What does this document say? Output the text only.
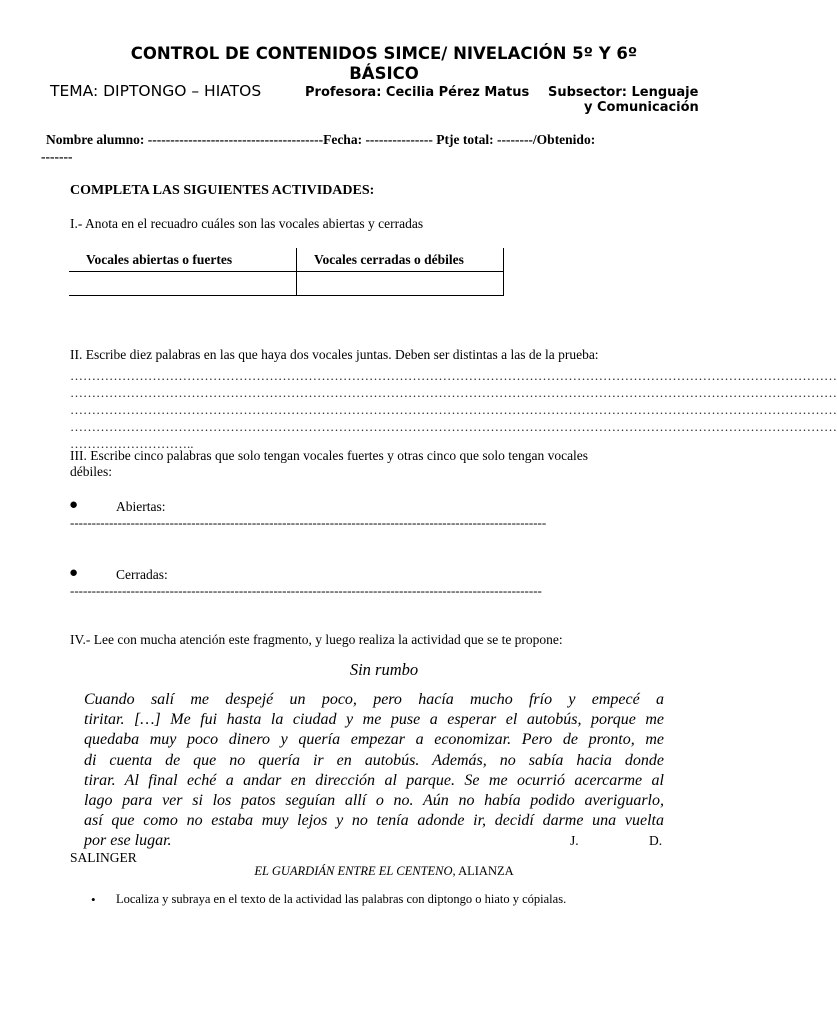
CONTROL DE CONTENIDOS SIMCE/ NIVELACIÓN 5º Y 6º
BÁSICO
TEMA: DIPTONGO – HIATOS	Profesora: Cecilia Pérez Matus Subsector: Lenguaje
y Comunicación
Nombre alumno: ---------------------------------------Fecha: --------------- Ptje total: --------/Obtenido:
-------
COMPLETA LAS SIGUIENTES ACTIVIDADES:
I.- Anota en el recuadro cuáles son las vocales abiertas y cerradas
Vocales abiertas o fuertes	Vocales cerradas o débiles

II. Escribe diez palabras en las que haya dos vocales juntas. Deben ser distintas a las de la prueba:
……………………………………………………………………………………………………………………………………………………………
……………………………………………………………………………………………………………………………………………………………
……………………………………………………………………………………………………………………………………………………………
……………………………………………………………………………………………………………………………………………………………
………………………..
III. Escribe cinco palabras que solo tengan vocales fuertes y otras cinco que solo tengan vocales
débiles:
●	Abiertas:
--------------------------------------------------------------------------------------------------------------
●	Cerradas:
-------------------------------------------------------------------------------------------------------------
IV.- Lee con mucha atención este fragmento, y luego realiza la actividad que se te propone:
Sin rumbo
Cuando salí me despejé un poco, pero hacía mucho frío y empecé a
tiritar. […] Me fui hasta la ciudad y me puse a esperar el autobús, porque me
quedaba muy poco dinero y quería empezar a economizar. Pero de pronto, me
di cuenta de que no quería ir en autobús. Además, no sabía hacia donde
tirar. Al final eché a andar en dirección al parque. Se me ocurrió acercarme al
lago para ver si los patos seguían allí o no. Aún no había podido averiguarlo,
así que como no estaba muy lejos y no tenía adonde ir, decidí darme una vuelta
por ese lugar.	J.	D.
SALINGER
EL GUARDIÁN ENTRE EL CENTENO, ALIANZA
• Localiza y subraya en el texto de la actividad las palabras con diptongo o hiato y cópialas.
